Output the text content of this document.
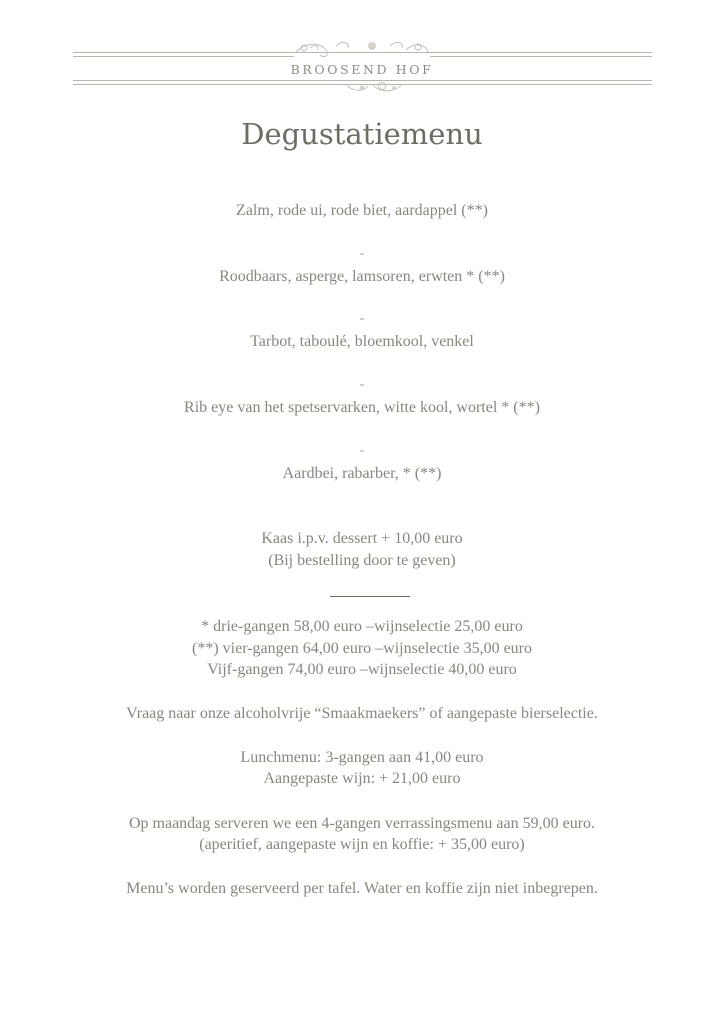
BROOSEND HOF
Degustatiemenu
Zalm, rode ui, rode biet, aardappel (**)
-
Roodbaars, asperge, lamsoren, erwten * (**)
-
Tarbot, taboulé, bloemkool, venkel
-
Rib eye van het spetservarken, witte kool, wortel * (**)
-
Aardbei, rabarber, * (**)
Kaas i.p.v. dessert + 10,00 euro
(Bij bestelling door te geven)
* drie-gangen 58,00 euro –wijnselectie 25,00 euro
(**) vier-gangen 64,00 euro –wijnselectie 35,00 euro
Vijf-gangen 74,00 euro –wijnselectie 40,00 euro
Vraag naar onze alcoholvrije “Smaakmaekers” of aangepaste bierselectie.
Lunchmenu: 3-gangen aan 41,00 euro
Aangepaste wijn: + 21,00 euro
Op maandag serveren we een 4-gangen verrassingsmenu aan 59,00 euro.
(aperitief, aangepaste wijn en koffie: + 35,00 euro)
Menu’s worden geserveerd per tafel. Water en koffie zijn niet inbegrepen.
